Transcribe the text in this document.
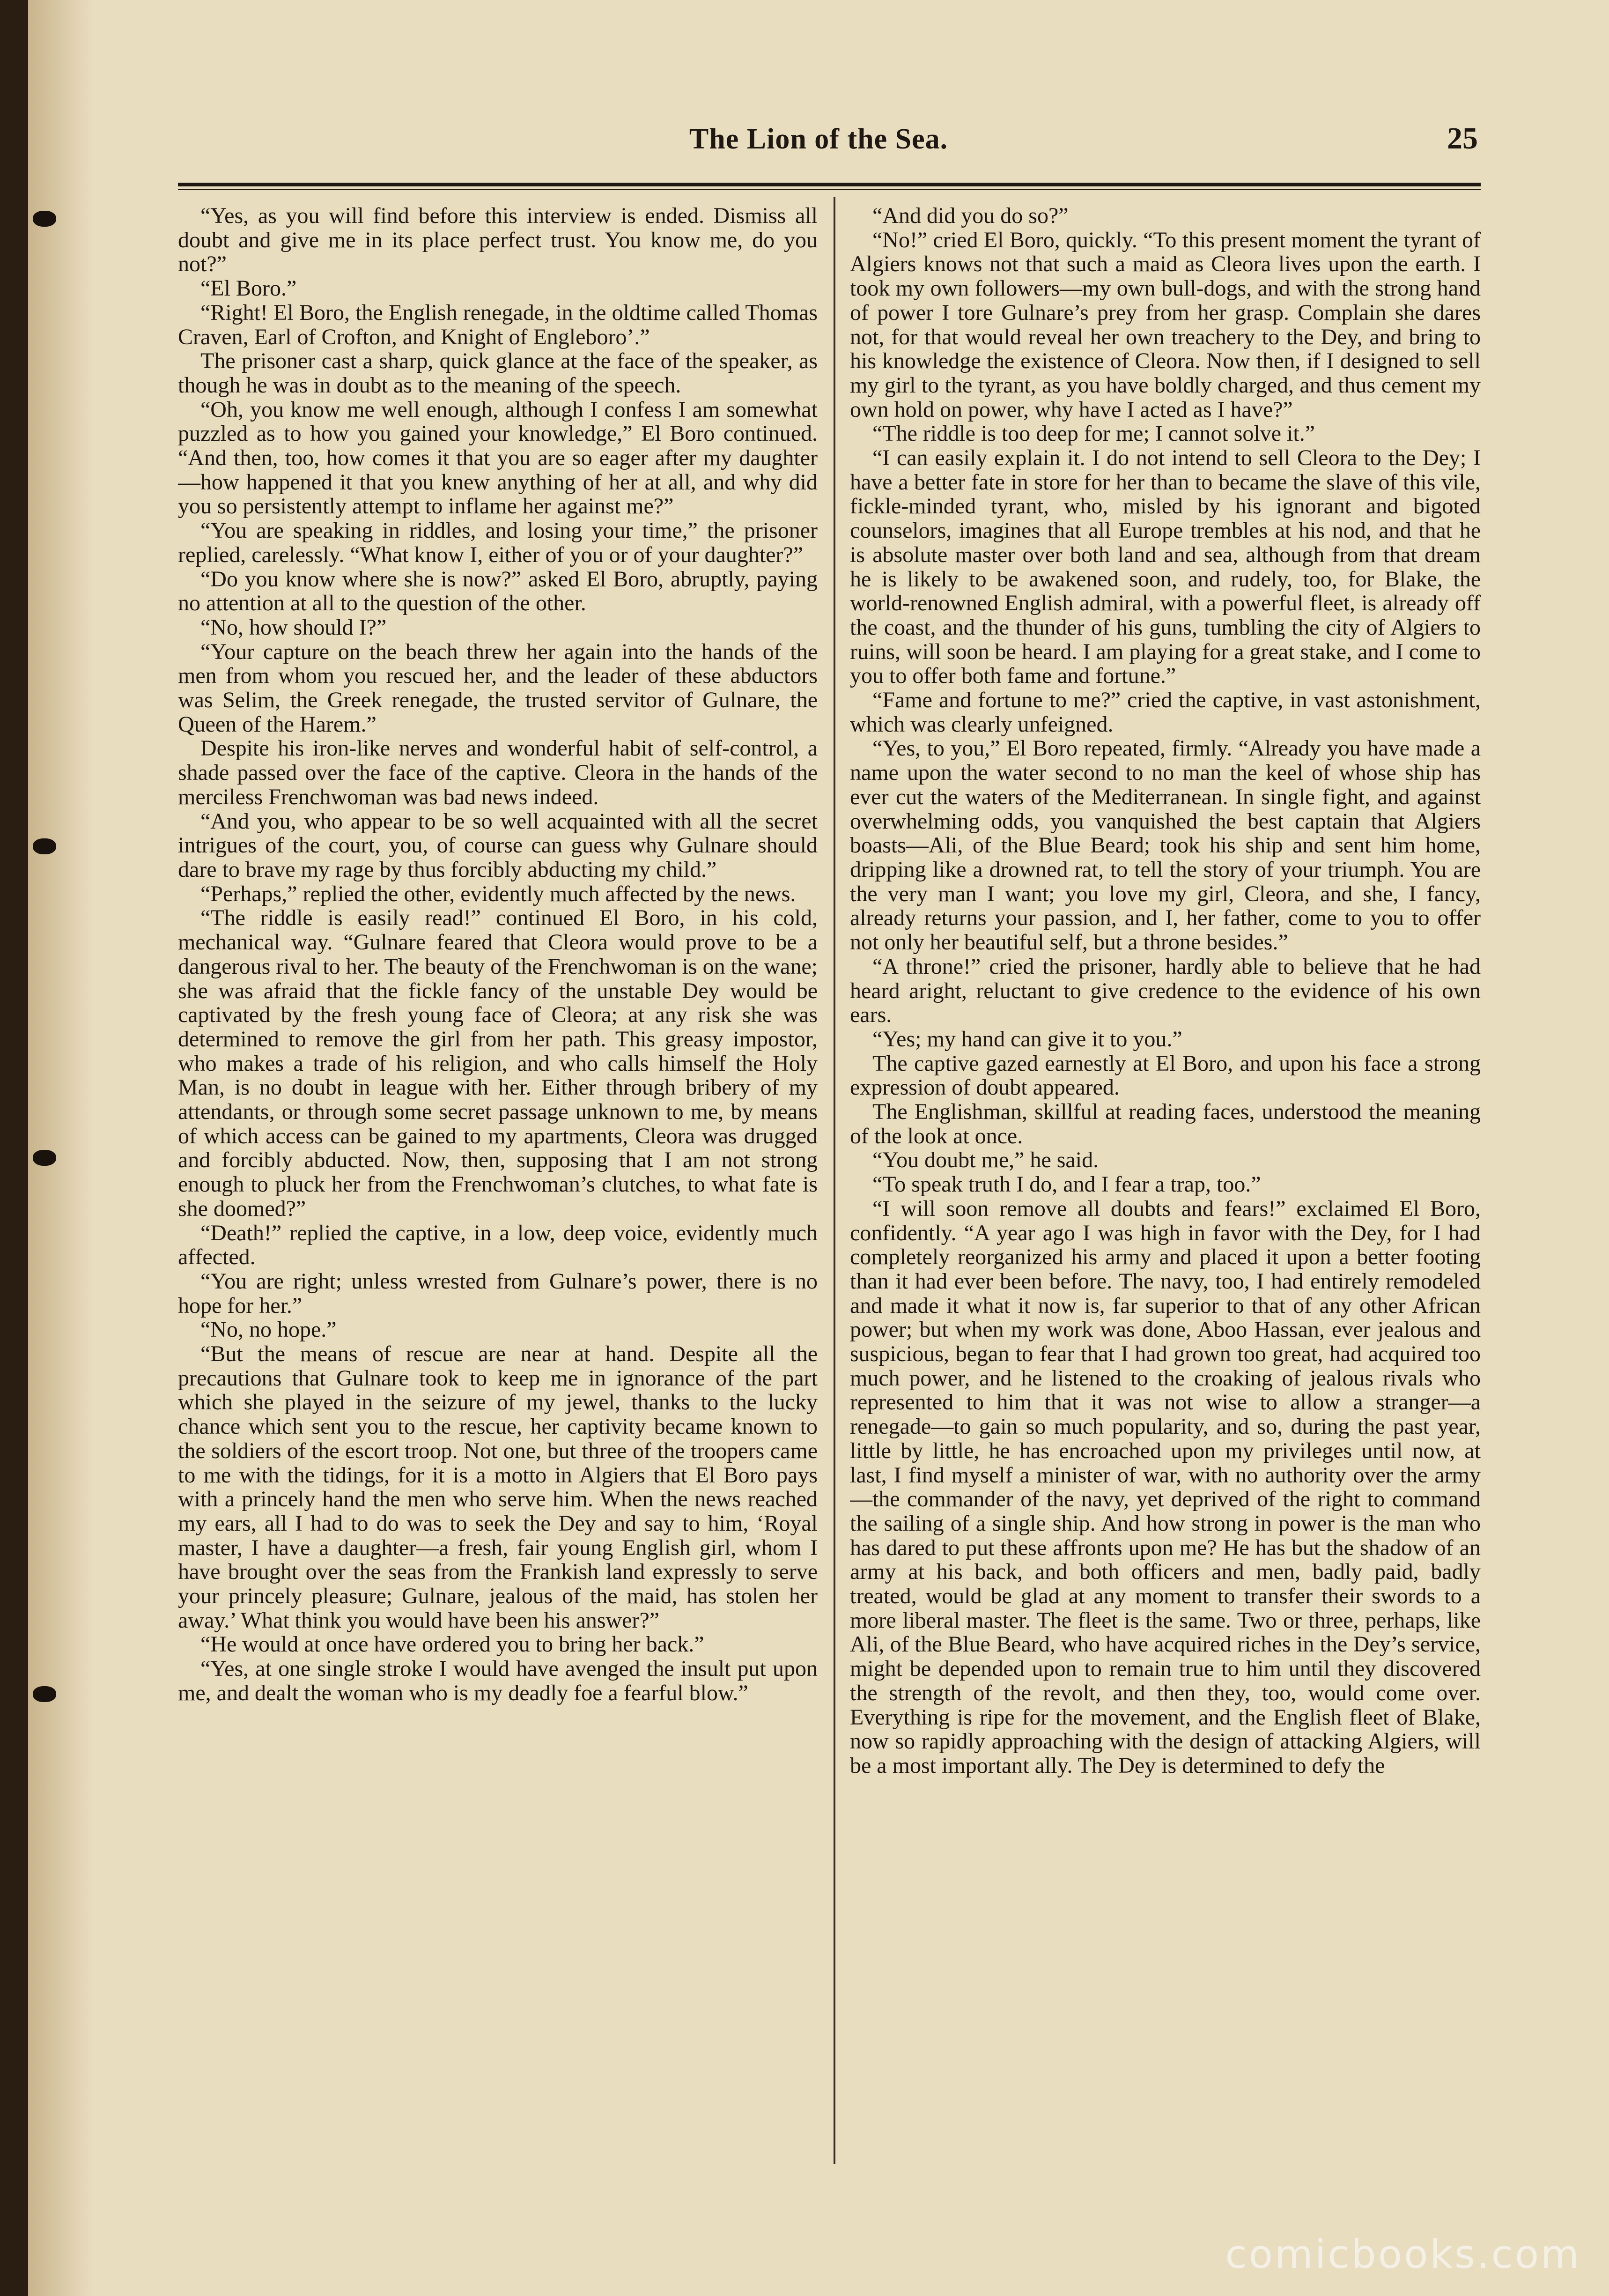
The Lion of the Sea.	25

“Yes, as you will find before this interview is ended. Dismiss all doubt and give me in its place perfect trust. You know me, do you not?”

“El Boro.”

“Right! El Boro, the English renegade, in the oldtime called Thomas Craven, Earl of Crofton, and Knight of Engleboro’.”

The prisoner cast a sharp, quick glance at the face of the speaker, as though he was in doubt as to the meaning of the speech.

“Oh, you know me well enough, although I confess I am somewhat puzzled as to how you gained your knowledge,” El Boro continued. “And then, too, how comes it that you are so eager after my daughter—how happened it that you knew anything of her at all, and why did you so persistently attempt to inflame her against me?”

“You are speaking in riddles, and losing your time,” the prisoner replied, carelessly. “What know I, either of you or of your daughter?”

“Do you know where she is now?” asked El Boro, abruptly, paying no attention at all to the question of the other.

“No, how should I?”

“Your capture on the beach threw her again into the hands of the men from whom you rescued her, and the leader of these abductors was Selim, the Greek renegade, the trusted servitor of Gulnare, the Queen of the Harem.”

Despite his iron-like nerves and wonderful habit of self-control, a shade passed over the face of the captive. Cleora in the hands of the merciless Frenchwoman was bad news indeed.

“And you, who appear to be so well acquainted with all the secret intrigues of the court, you, of course can guess why Gulnare should dare to brave my rage by thus forcibly abducting my child.”

“Perhaps,” replied the other, evidently much affected by the news.

“The riddle is easily read!” continued El Boro, in his cold, mechanical way. “Gulnare feared that Cleora would prove to be a dangerous rival to her. The beauty of the Frenchwoman is on the wane; she was afraid that the fickle fancy of the unstable Dey would be captivated by the fresh young face of Cleora; at any risk she was determined to remove the girl from her path. This greasy impostor, who makes a trade of his religion, and who calls himself the Holy Man, is no doubt in league with her. Either through bribery of my attendants, or through some secret passage unknown to me, by means of which access can be gained to my apartments, Cleora was drugged and forcibly abducted. Now, then, supposing that I am not strong enough to pluck her from the Frenchwoman’s clutches, to what fate is she doomed?”

“Death!” replied the captive, in a low, deep voice, evidently much affected.

“You are right; unless wrested from Gulnare’s power, there is no hope for her.”

“No, no hope.”

“But the means of rescue are near at hand. Despite all the precautions that Gulnare took to keep me in ignorance of the part which she played in the seizure of my jewel, thanks to the lucky chance which sent you to the rescue, her captivity became known to the soldiers of the escort troop. Not one, but three of the troopers came to me with the tidings, for it is a motto in Algiers that El Boro pays with a princely hand the men who serve him. When the news reached my ears, all I had to do was to seek the Dey and say to him, ‘Royal master, I have a daughter—a fresh, fair young English girl, whom I have brought over the seas from the Frankish land expressly to serve your princely pleasure; Gulnare, jealous of the maid, has stolen her away.’ What think you would have been his answer?”

“He would at once have ordered you to bring her back.”

“Yes, at one single stroke I would have avenged the insult put upon me, and dealt the woman who is my deadly foe a fearful blow.”

“And did you do so?”

“No!” cried El Boro, quickly. “To this present moment the tyrant of Algiers knows not that such a maid as Cleora lives upon the earth. I took my own followers—my own bull-dogs, and with the strong hand of power I tore Gulnare’s prey from her grasp. Complain she dares not, for that would reveal her own treachery to the Dey, and bring to his knowledge the existence of Cleora. Now then, if I designed to sell my girl to the tyrant, as you have boldly charged, and thus cement my own hold on power, why have I acted as I have?”

“The riddle is too deep for me; I cannot solve it.”

“I can easily explain it. I do not intend to sell Cleora to the Dey; I have a better fate in store for her than to became the slave of this vile, fickle-minded tyrant, who, misled by his ignorant and bigoted counselors, imagines that all Europe trembles at his nod, and that he is absolute master over both land and sea, although from that dream he is likely to be awakened soon, and rudely, too, for Blake, the world-renowned English admiral, with a powerful fleet, is already off the coast, and the thunder of his guns, tumbling the city of Algiers to ruins, will soon be heard. I am playing for a great stake, and I come to you to offer both fame and fortune.”

“Fame and fortune to me?” cried the captive, in vast astonishment, which was clearly unfeigned.

“Yes, to you,” El Boro repeated, firmly. “Already you have made a name upon the water second to no man the keel of whose ship has ever cut the waters of the Mediterranean. In single fight, and against overwhelming odds, you vanquished the best captain that Algiers boasts—Ali, of the Blue Beard; took his ship and sent him home, dripping like a drowned rat, to tell the story of your triumph. You are the very man I want; you love my girl, Cleora, and she, I fancy, already returns your passion, and I, her father, come to you to offer not only her beautiful self, but a throne besides.”

“A throne!” cried the prisoner, hardly able to believe that he had heard aright, reluctant to give credence to the evidence of his own ears.

“Yes; my hand can give it to you.”

The captive gazed earnestly at El Boro, and upon his face a strong expression of doubt appeared.

The Englishman, skillful at reading faces, understood the meaning of the look at once.

“You doubt me,” he said.

“To speak truth I do, and I fear a trap, too.”

“I will soon remove all doubts and fears!” exclaimed El Boro, confidently. “A year ago I was high in favor with the Dey, for I had completely reorganized his army and placed it upon a better footing than it had ever been before. The navy, too, I had entirely remodeled and made it what it now is, far superior to that of any other African power; but when my work was done, Aboo Hassan, ever jealous and suspicious, began to fear that I had grown too great, had acquired too much power, and he listened to the croaking of jealous rivals who represented to him that it was not wise to allow a stranger—a renegade—to gain so much popularity, and so, during the past year, little by little, he has encroached upon my privileges until now, at last, I find myself a minister of war, with no authority over the army—the commander of the navy, yet deprived of the right to command the sailing of a single ship. And how strong in power is the man who has dared to put these affronts upon me? He has but the shadow of an army at his back, and both officers and men, badly paid, badly treated, would be glad at any moment to transfer their swords to a more liberal master. The fleet is the same. Two or three, perhaps, like Ali, of the Blue Beard, who have acquired riches in the Dey’s service, might be depended upon to remain true to him until they discovered the strength of the revolt, and then they, too, would come over. Everything is ripe for the movement, and the English fleet of Blake, now so rapidly approaching with the design of attacking Algiers, will be a most important ally. The Dey is determined to defy the

comicbooks.com
